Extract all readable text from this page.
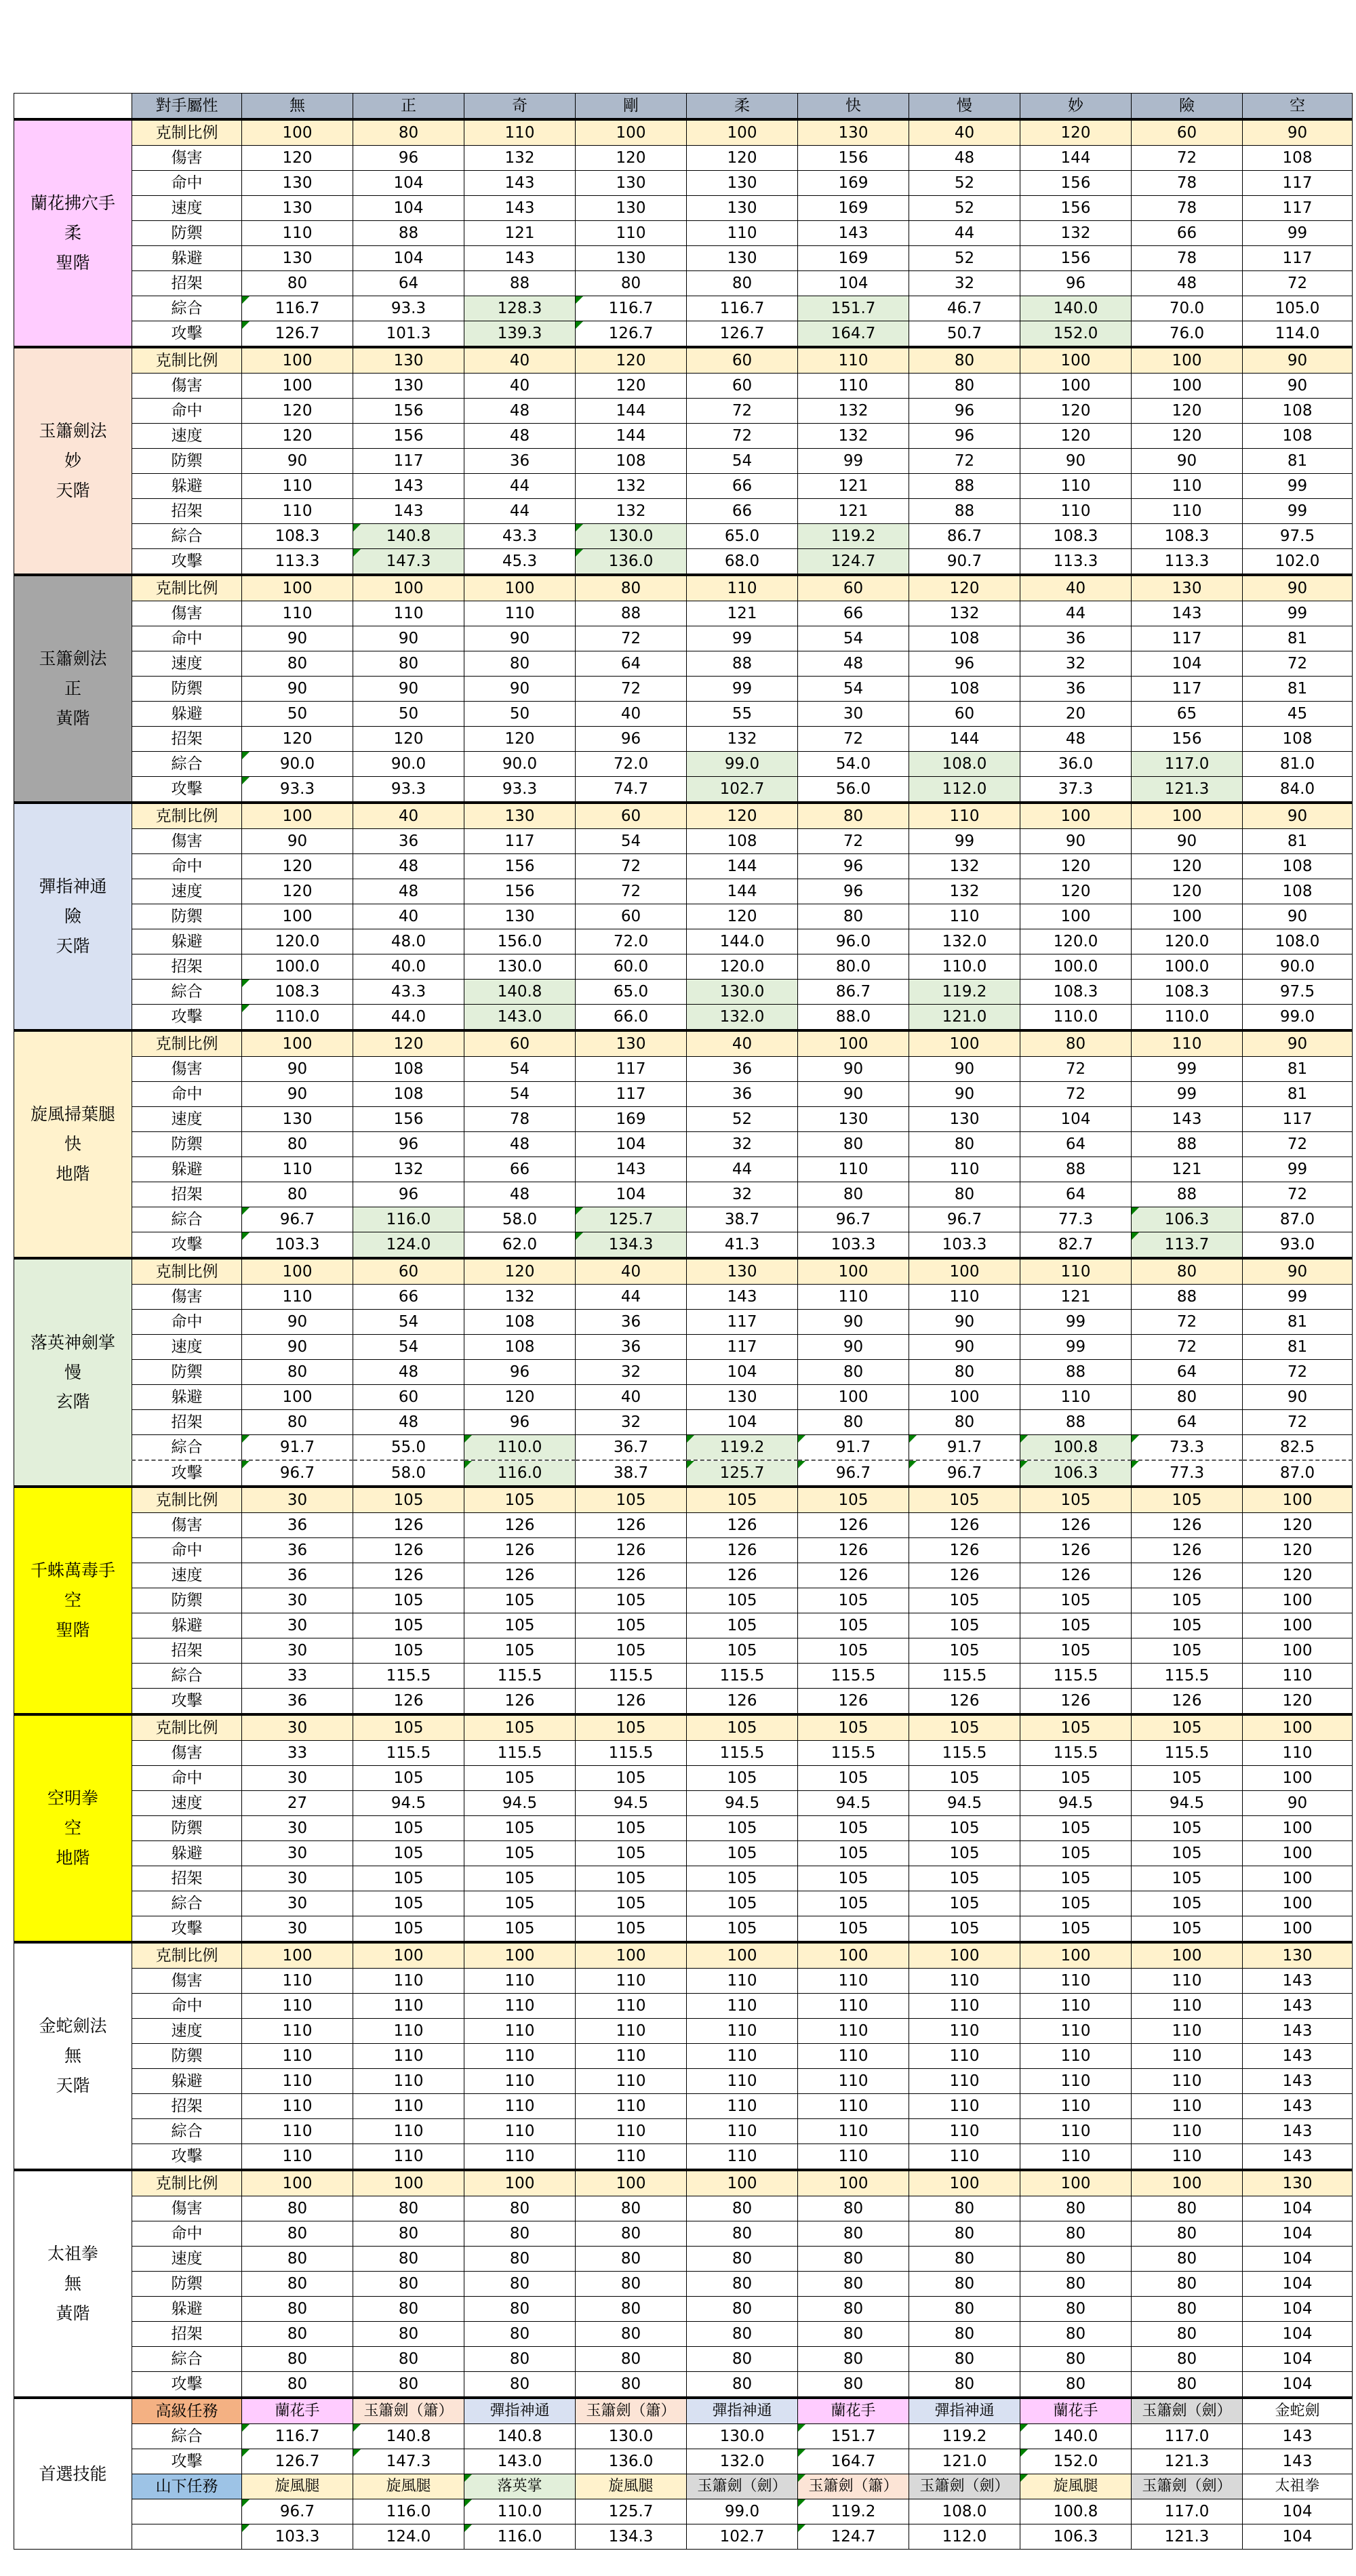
	對手屬性	無	正	奇	剛	柔	快	慢	妙	險	空

蘭花拂穴手
柔
聖階	克制比例	100	80	110	100	100	130	40	120	60	90
	傷害	120	96	132	120	120	156	48	144	72	108
	命中	130	104	143	130	130	169	52	156	78	117
	速度	130	104	143	130	130	169	52	156	78	117
	防禦	110	88	121	110	110	143	44	132	66	99
	躲避	130	104	143	130	130	169	52	156	78	117
	招架	80	64	88	80	80	104	32	96	48	72
	綜合	116.7	93.3	128.3	116.7	116.7	151.7	46.7	140.0	70.0	105.0
	攻擊	126.7	101.3	139.3	126.7	126.7	164.7	50.7	152.0	76.0	114.0

玉簫劍法
妙
天階	克制比例	100	130	40	120	60	110	80	100	100	90
	傷害	100	130	40	120	60	110	80	100	100	90
	命中	120	156	48	144	72	132	96	120	120	108
	速度	120	156	48	144	72	132	96	120	120	108
	防禦	90	117	36	108	54	99	72	90	90	81
	躲避	110	143	44	132	66	121	88	110	110	99
	招架	110	143	44	132	66	121	88	110	110	99
	綜合	108.3	140.8	43.3	130.0	65.0	119.2	86.7	108.3	108.3	97.5
	攻擊	113.3	147.3	45.3	136.0	68.0	124.7	90.7	113.3	113.3	102.0

玉簫劍法
正
黃階	克制比例	100	100	100	80	110	60	120	40	130	90
	傷害	110	110	110	88	121	66	132	44	143	99
	命中	90	90	90	72	99	54	108	36	117	81
	速度	80	80	80	64	88	48	96	32	104	72
	防禦	90	90	90	72	99	54	108	36	117	81
	躲避	50	50	50	40	55	30	60	20	65	45
	招架	120	120	120	96	132	72	144	48	156	108
	綜合	90.0	90.0	90.0	72.0	99.0	54.0	108.0	36.0	117.0	81.0
	攻擊	93.3	93.3	93.3	74.7	102.7	56.0	112.0	37.3	121.3	84.0

彈指神通
險
天階	克制比例	100	40	130	60	120	80	110	100	100	90
	傷害	90	36	117	54	108	72	99	90	90	81
	命中	120	48	156	72	144	96	132	120	120	108
	速度	120	48	156	72	144	96	132	120	120	108
	防禦	100	40	130	60	120	80	110	100	100	90
	躲避	120.0	48.0	156.0	72.0	144.0	96.0	132.0	120.0	120.0	108.0
	招架	100.0	40.0	130.0	60.0	120.0	80.0	110.0	100.0	100.0	90.0
	綜合	108.3	43.3	140.8	65.0	130.0	86.7	119.2	108.3	108.3	97.5
	攻擊	110.0	44.0	143.0	66.0	132.0	88.0	121.0	110.0	110.0	99.0

旋風掃葉腿
快
地階	克制比例	100	120	60	130	40	100	100	80	110	90
	傷害	90	108	54	117	36	90	90	72	99	81
	命中	90	108	54	117	36	90	90	72	99	81
	速度	130	156	78	169	52	130	130	104	143	117
	防禦	80	96	48	104	32	80	80	64	88	72
	躲避	110	132	66	143	44	110	110	88	121	99
	招架	80	96	48	104	32	80	80	64	88	72
	綜合	96.7	116.0	58.0	125.7	38.7	96.7	96.7	77.3	106.3	87.0
	攻擊	103.3	124.0	62.0	134.3	41.3	103.3	103.3	82.7	113.7	93.0

落英神劍掌
慢
玄階	克制比例	100	60	120	40	130	100	100	110	80	90
	傷害	110	66	132	44	143	110	110	121	88	99
	命中	90	54	108	36	117	90	90	99	72	81
	速度	90	54	108	36	117	90	90	99	72	81
	防禦	80	48	96	32	104	80	80	88	64	72
	躲避	100	60	120	40	130	100	100	110	80	90
	招架	80	48	96	32	104	80	80	88	64	72
	綜合	91.7	55.0	110.0	36.7	119.2	91.7	91.7	100.8	73.3	82.5
	攻擊	96.7	58.0	116.0	38.7	125.7	96.7	96.7	106.3	77.3	87.0

千蛛萬毒手
空
聖階	克制比例	30	105	105	105	105	105	105	105	105	100
	傷害	36	126	126	126	126	126	126	126	126	120
	命中	36	126	126	126	126	126	126	126	126	120
	速度	36	126	126	126	126	126	126	126	126	120
	防禦	30	105	105	105	105	105	105	105	105	100
	躲避	30	105	105	105	105	105	105	105	105	100
	招架	30	105	105	105	105	105	105	105	105	100
	綜合	33	115.5	115.5	115.5	115.5	115.5	115.5	115.5	115.5	110
	攻擊	36	126	126	126	126	126	126	126	126	120

空明拳
空
地階	克制比例	30	105	105	105	105	105	105	105	105	100
	傷害	33	115.5	115.5	115.5	115.5	115.5	115.5	115.5	115.5	110
	命中	30	105	105	105	105	105	105	105	105	100
	速度	27	94.5	94.5	94.5	94.5	94.5	94.5	94.5	94.5	90
	防禦	30	105	105	105	105	105	105	105	105	100
	躲避	30	105	105	105	105	105	105	105	105	100
	招架	30	105	105	105	105	105	105	105	105	100
	綜合	30	105	105	105	105	105	105	105	105	100
	攻擊	30	105	105	105	105	105	105	105	105	100

金蛇劍法
無
天階	克制比例	100	100	100	100	100	100	100	100	100	130
	傷害	110	110	110	110	110	110	110	110	110	143
	命中	110	110	110	110	110	110	110	110	110	143
	速度	110	110	110	110	110	110	110	110	110	143
	防禦	110	110	110	110	110	110	110	110	110	143
	躲避	110	110	110	110	110	110	110	110	110	143
	招架	110	110	110	110	110	110	110	110	110	143
	綜合	110	110	110	110	110	110	110	110	110	143
	攻擊	110	110	110	110	110	110	110	110	110	143

太祖拳
無
黃階	克制比例	100	100	100	100	100	100	100	100	100	130
	傷害	80	80	80	80	80	80	80	80	80	104
	命中	80	80	80	80	80	80	80	80	80	104
	速度	80	80	80	80	80	80	80	80	80	104
	防禦	80	80	80	80	80	80	80	80	80	104
	躲避	80	80	80	80	80	80	80	80	80	104
	招架	80	80	80	80	80	80	80	80	80	104
	綜合	80	80	80	80	80	80	80	80	80	104
	攻擊	80	80	80	80	80	80	80	80	80	104

首選技能	高級任務	蘭花手	玉簫劍（簫）	彈指神通	玉簫劍（簫）	彈指神通	蘭花手	彈指神通	蘭花手	玉簫劍（劍）	金蛇劍
	綜合	116.7	140.8	140.8	130.0	130.0	151.7	119.2	140.0	117.0	143
	攻擊	126.7	147.3	143.0	136.0	132.0	164.7	121.0	152.0	121.3	143
	山下任務	旋風腿	旋風腿	落英掌	旋風腿	玉簫劍（劍）	玉簫劍（簫）	玉簫劍（劍）	旋風腿	玉簫劍（劍）	太祖拳
		96.7	116.0	110.0	125.7	99.0	119.2	108.0	100.8	117.0	104
		103.3	124.0	116.0	134.3	102.7	124.7	112.0	106.3	121.3	104
